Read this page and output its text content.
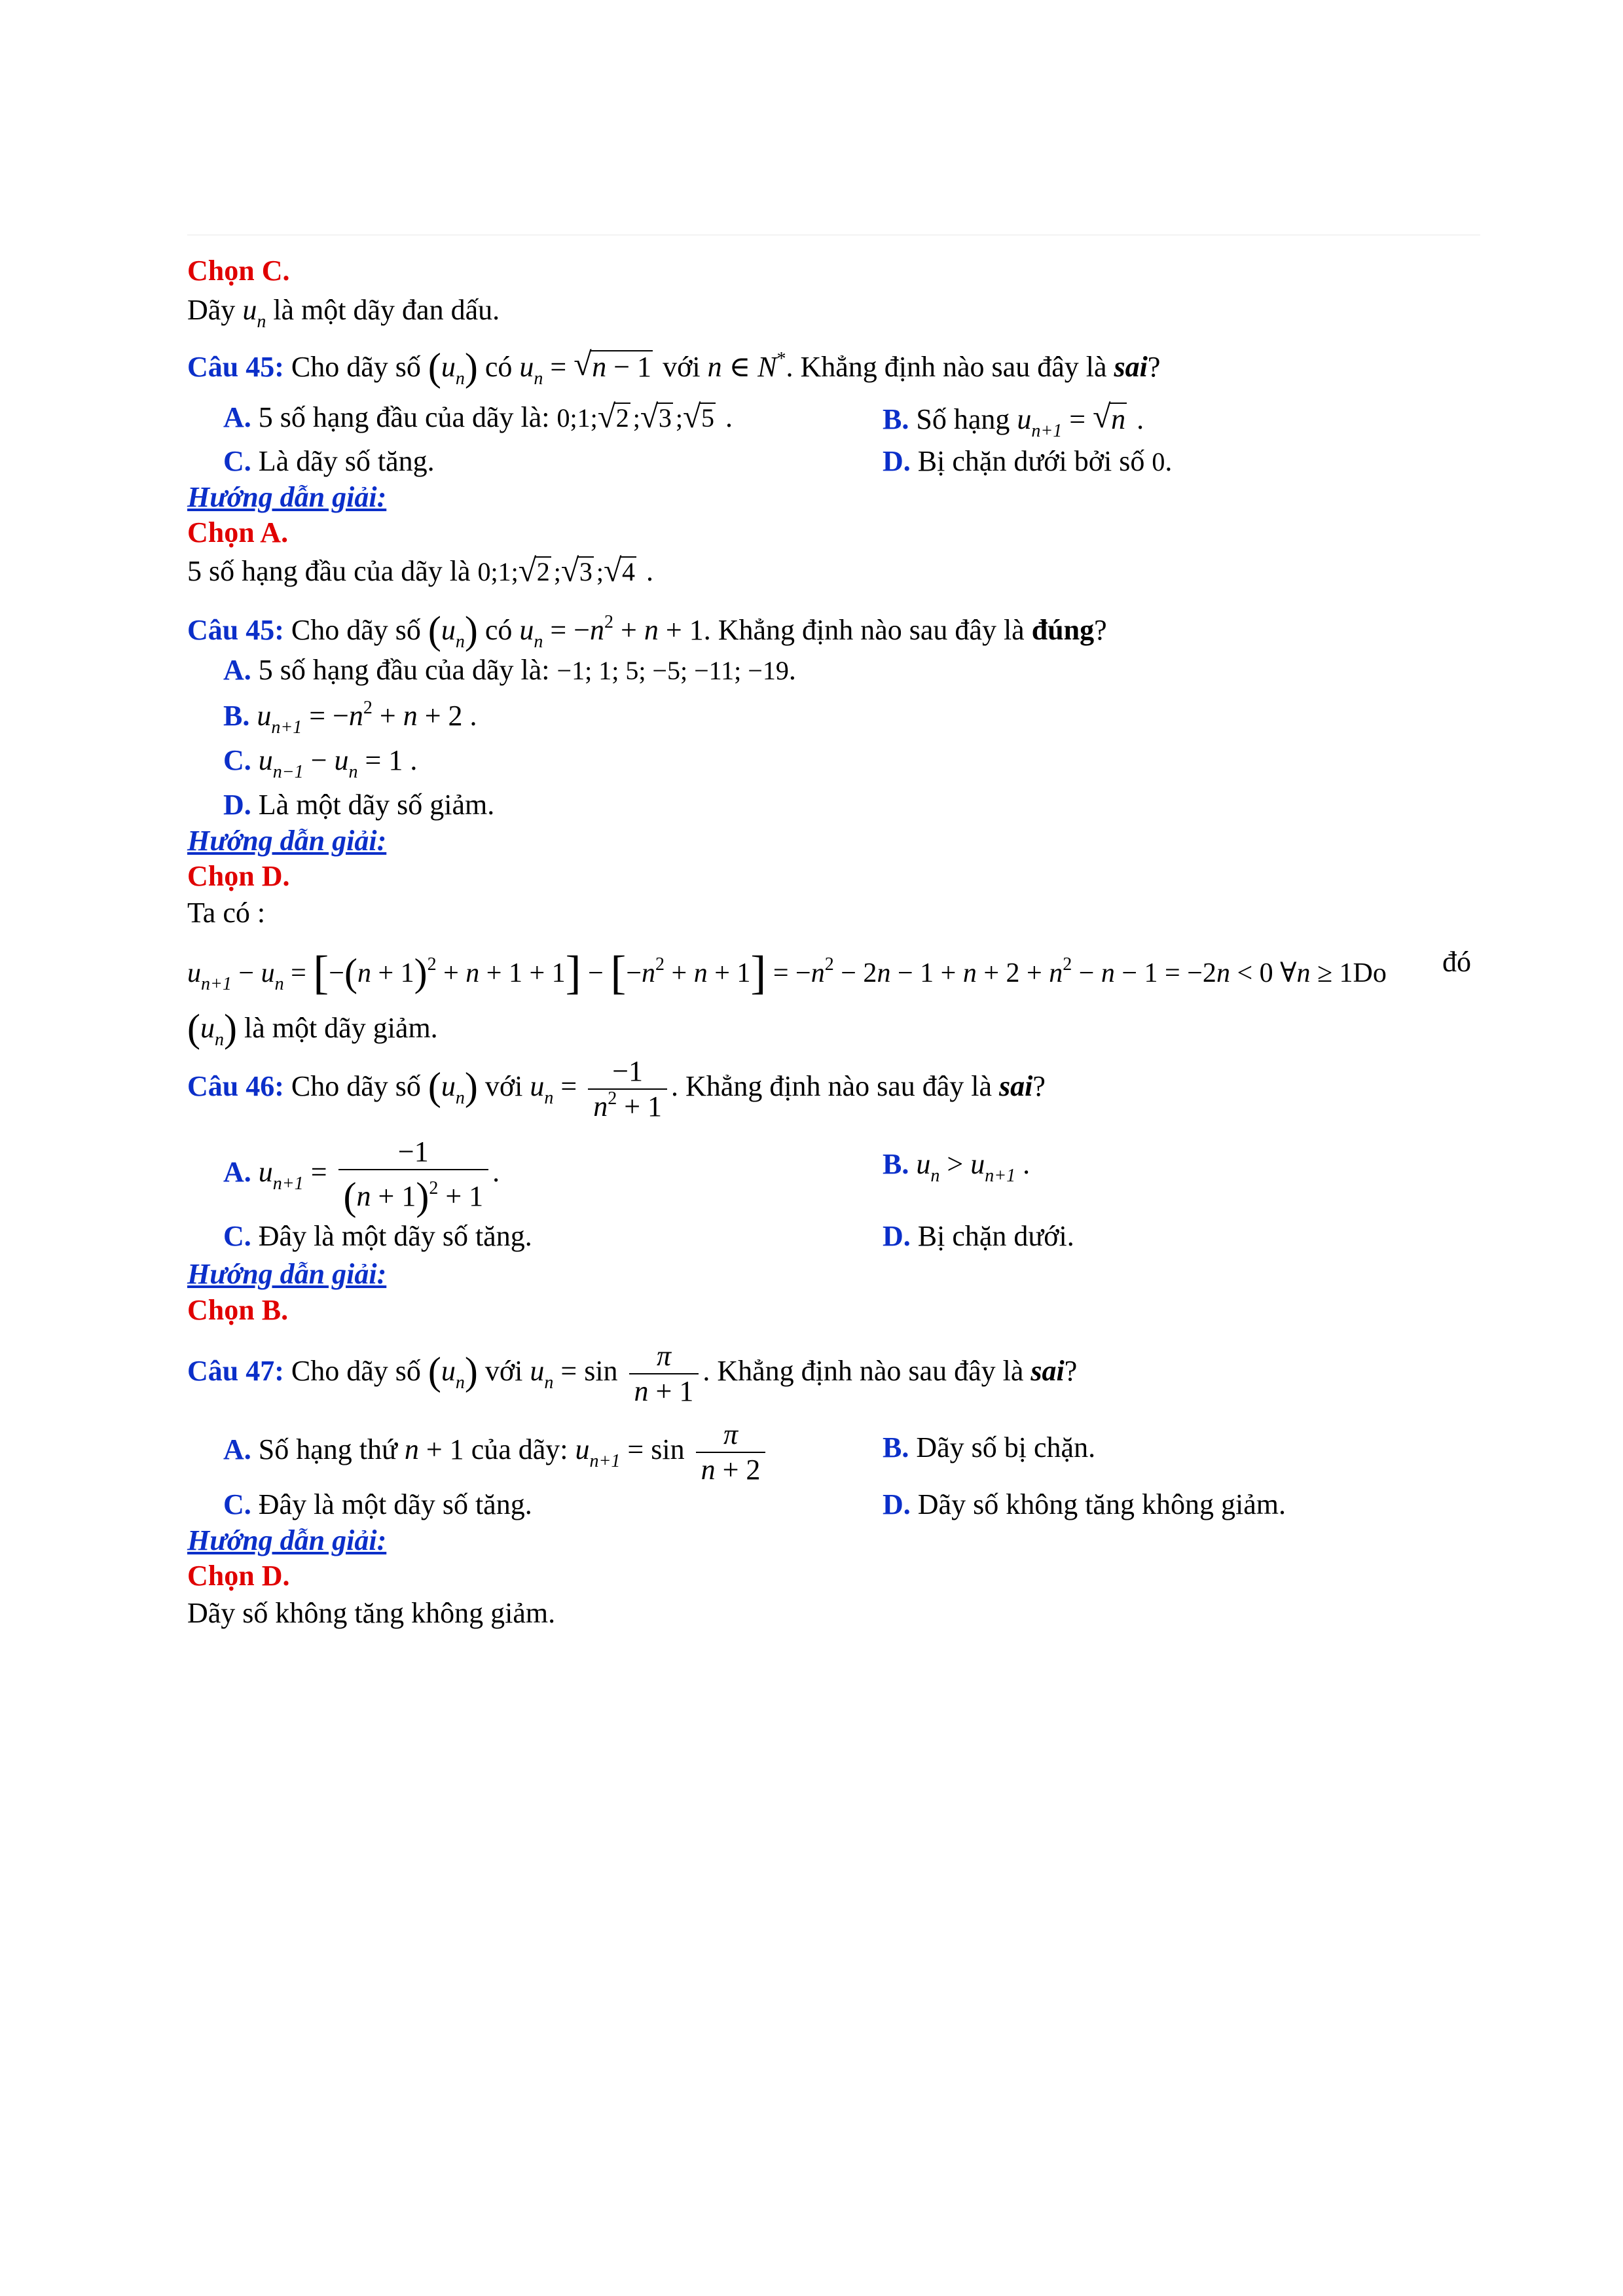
Chọn C.
Dãy $u_n$ là một dãy đan dấu.
Câu 45: Cho dãy số $(u_n)$ có $u_n$ = √ n − 1 với n ∈ N*. Khẳng định nào sau đây là sai?
A. 5 số hạng đầu của dãy là: 0;1; √ 2 ; √ 3 ; √ 5 .	B. Số hạng $u_{n+1}$ = √ n .
C. Là dãy số tăng.	D. Bị chặn dưới bởi số 0.
Hướng dẫn giải:
Chọn A.
5 số hạng đầu của dãy là 0;1; √ 2 ; √ 3 ; √ 4 .
Câu 45: Cho dãy số $(u_n)$ có $u_n = -n^2 + n + 1$. Khẳng định nào sau đây là đúng?
A. 5 số hạng đầu của dãy là: −1; 1; 5; −5; −11; −19.
B. $u_{n+1} = -n^2 + n + 2$ .
C. $u_{n-1} - u_n = 1$ .
D. Là một dãy số giảm.
Hướng dẫn giải:
Chọn D.
Ta có :
$u_{n+1} - u_n = [-(n + 1)^2 + n + 1 + 1] - [-n^2 + n + 1] = -n^2 - 2n - 1 + n + 2 + n^2 - n - 1 = -2n < 0$ ∀n ≥ 1Do đó
$(u_n)$ là một dãy giảm.
Câu 46: Cho dãy số $(u_n)$ với $u_n = \frac{-1}{n^2 + 1}$ . Khẳng định nào sau đây là sai?
A. $u_{n+1} = \frac{-1}{(n + 1)^2 + 1}$ .	B. $u_n > u_{n+1}$ .
C. Đây là một dãy số tăng.	D. Bị chặn dưới.
Hướng dẫn giải:
Chọn B.
Câu 47: Cho dãy số $(u_n)$ với $u_n = \sin \frac{\pi}{n + 1}$ . Khẳng định nào sau đây là sai?
A. Số hạng thứ n + 1 của dãy: $u_{n+1} = \sin \frac{\pi}{n + 2}$	B. Dãy số bị chặn.
C. Đây là một dãy số tăng.	D. Dãy số không tăng không giảm.
Hướng dẫn giải:
Chọn D.
Dãy số không tăng không giảm.
